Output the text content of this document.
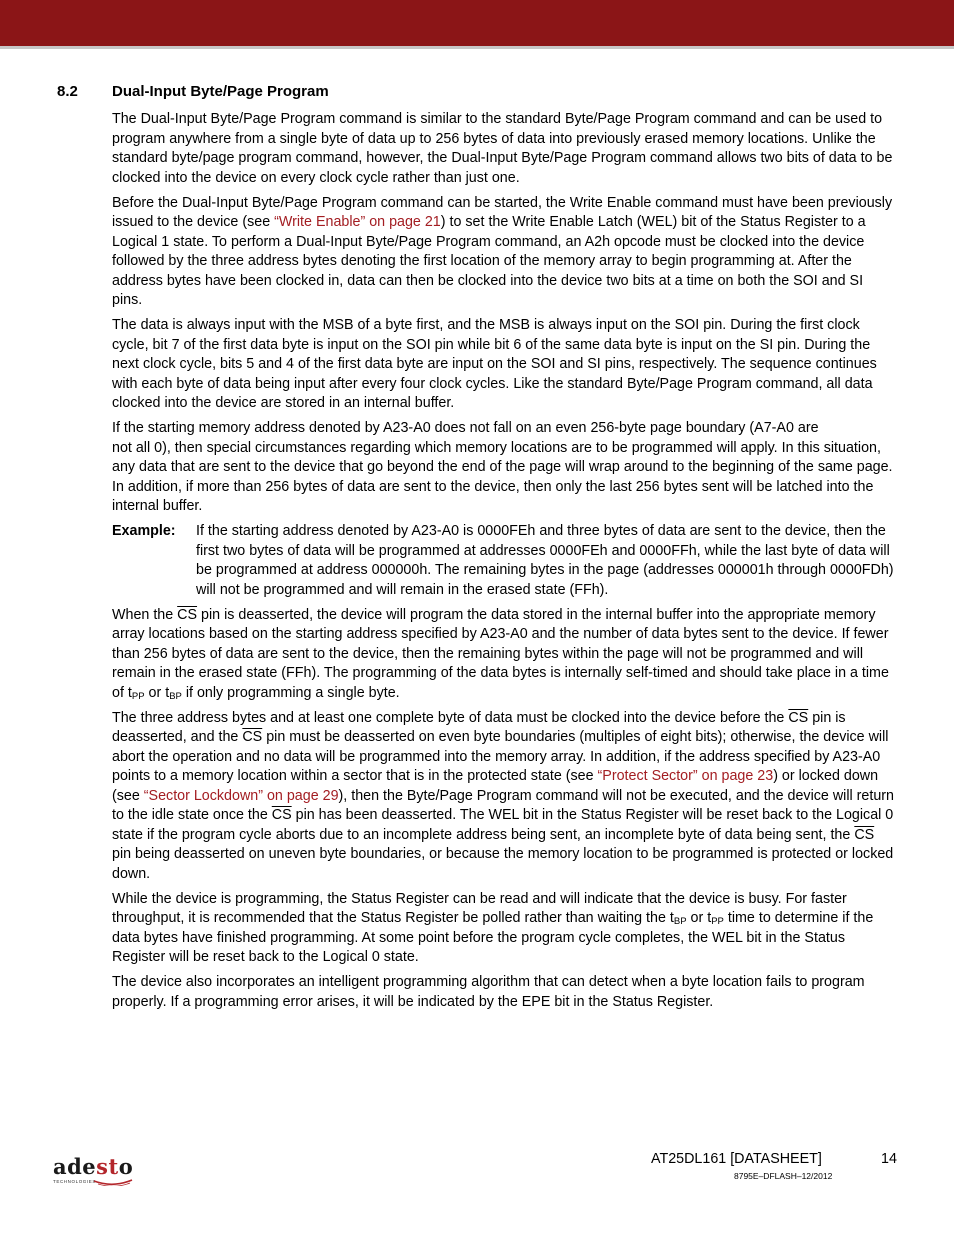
8.2 Dual-Input Byte/Page Program

The Dual-Input Byte/Page Program command is similar to the standard Byte/Page Program command and can be used to program anywhere from a single byte of data up to 256 bytes of data into previously erased memory locations. Unlike the standard byte/page program command, however, the Dual-Input Byte/Page Program command allows two bits of data to be clocked into the device on every clock cycle rather than just one.

Before the Dual-Input Byte/Page Program command can be started, the Write Enable command must have been previously issued to the device (see “Write Enable” on page 21) to set the Write Enable Latch (WEL) bit of the Status Register to a Logical 1 state. To perform a Dual-Input Byte/Page Program command, an A2h opcode must be clocked into the device followed by the three address bytes denoting the first location of the memory array to begin programming at. After the address bytes have been clocked in, data can then be clocked into the device two bits at a time on both the SOI and SI pins.

The data is always input with the MSB of a byte first, and the MSB is always input on the SOI pin. During the first clock cycle, bit 7 of the first data byte is input on the SOI pin while bit 6 of the same data byte is input on the SI pin. During the next clock cycle, bits 5 and 4 of the first data byte are input on the SOI and SI pins, respectively. The sequence continues with each byte of data being input after every four clock cycles. Like the standard Byte/Page Program command, all data clocked into the device are stored in an internal buffer.

If the starting memory address denoted by A23-A0 does not fall on an even 256-byte page boundary (A7-A0 are
not all 0), then special circumstances regarding which memory locations are to be programmed will apply. In this situation, any data that are sent to the device that go beyond the end of the page will wrap around to the beginning of the same page. In addition, if more than 256 bytes of data are sent to the device, then only the last 256 bytes sent will be latched into the internal buffer.

Example:	If the starting address denoted by A23-A0 is 0000FEh and three bytes of data are sent to the device, then the first two bytes of data will be programmed at addresses 0000FEh and 0000FFh, while the last byte of data will be programmed at address 000000h. The remaining bytes in the page (addresses 000001h through 0000FDh) will not be programmed and will remain in the erased state (FFh).

When the $\overline{CS}$ pin is deasserted, the device will program the data stored in the internal buffer into the appropriate memory array locations based on the starting address specified by A23-A0 and the number of data bytes sent to the device. If fewer than 256 bytes of data are sent to the device, then the remaining bytes within the page will not be programmed and will remain in the erased state (FFh). The programming of the data bytes is internally self-timed and should take place in a time of $t_{PP}$ or $t_{BP}$ if only programming a single byte.

The three address bytes and at least one complete byte of data must be clocked into the device before the $\overline{CS}$ pin is deasserted, and the $\overline{CS}$ pin must be deasserted on even byte boundaries (multiples of eight bits); otherwise, the device will abort the operation and no data will be programmed into the memory array. In addition, if the address specified by A23-A0 points to a memory location within a sector that is in the protected state (see “Protect Sector” on page 23) or locked down (see “Sector Lockdown” on page 29), then the Byte/Page Program command will not be executed, and the device will return to the idle state once the $\overline{CS}$ pin has been deasserted. The WEL bit in the Status Register will be reset back to the Logical 0 state if the program cycle aborts due to an incomplete address being sent, an incomplete byte of data being sent, the $\overline{CS}$ pin being deasserted on uneven byte boundaries, or because the memory location to be programmed is protected or locked down.

While the device is programming, the Status Register can be read and will indicate that the device is busy. For faster throughput, it is recommended that the Status Register be polled rather than waiting the $t_{BP}$ or $t_{PP}$ time to determine if the data bytes have finished programming. At some point before the program cycle completes, the WEL bit in the Status Register will be reset back to the Logical 0 state.

The device also incorporates an intelligent programming algorithm that can detect when a byte location fails to program properly. If a programming error arises, it will be indicated by the EPE bit in the Status Register.

adesto
TECHNOLOGIES
AT25DL161 [DATASHEET]	14
8795E–DFLASH–12/2012
